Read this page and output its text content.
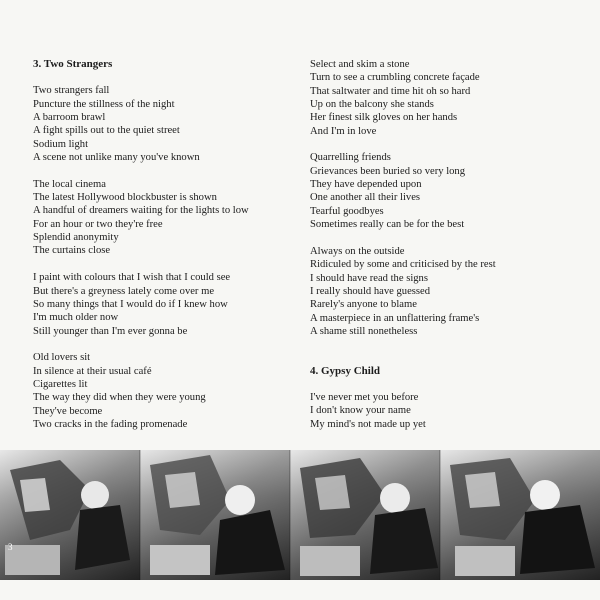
3. Two Strangers
Two strangers fall
Puncture the stillness of the night
A barroom brawl
A fight spills out to the quiet street
Sodium light
A scene not unlike many you've known
The local cinema
The latest Hollywood blockbuster is shown
A handful of dreamers waiting for the lights to low
For an hour or two they're free
Splendid anonymity
The curtains close
I paint with colours that I wish that I could see
But there's a greyness lately come over me
So many things that I would do if I knew how
I'm much older now
Still younger than I'm ever gonna be
Old lovers sit
In silence at their usual café
Cigarettes lit
The way they did when they were young
They've become
Two cracks in the fading promenade
Select and skim a stone
Turn to see a crumbling concrete façade
That saltwater and time hit oh so hard
Up on the balcony she stands
Her finest silk gloves on her hands
And I'm in love
Quarrelling friends
Grievances been buried so very long
They have depended upon
One another all their lives
Tearful goodbyes
Sometimes really can be for the best
Always on the outside
Ridiculed by some and criticised by the rest
I should have read the signs
I really should have guessed
Rarely's anyone to blame
A masterpiece in an unflattering frame's
A shame still nonetheless
4. Gypsy Child
I've never met you before
I don't know your name
My mind's not made up yet
3
